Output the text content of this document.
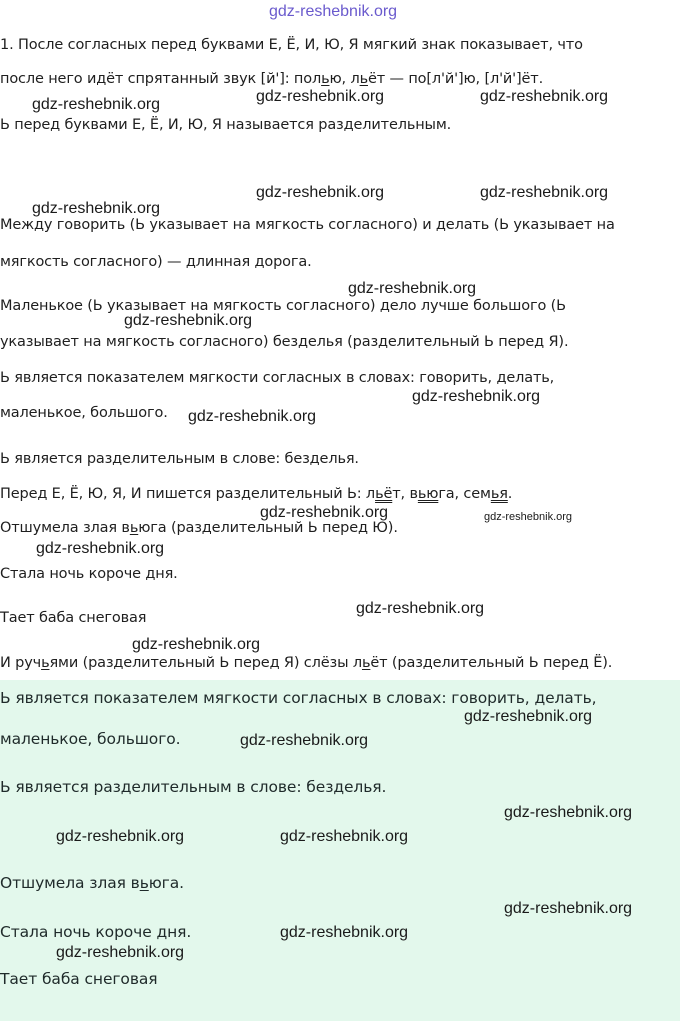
gdz-reshebnik.org
1. После согласных перед буквами Е, Ё, И, Ю, Я мягкий знак показывает, что
после него идёт спрятанный звук [й']: полью, льёт — по[л'й']ю, [л'й']ёт.
Ь перед буквами Е, Ё, И, Ю, Я называется разделительным.
Между говорить (Ь указывает на мягкость согласного) и делать (Ь указывает на
мягкость согласного) — длинная дорога.
Маленькое (Ь указывает на мягкость согласного) дело лучше большого (Ь
указывает на мягкость согласного) безделья (разделительный Ь перед Я).
Ь является показателем мягкости согласных в словах: говорить, делать,
маленькое, большого.
Ь является разделительным в слове: безделья.
Перед Е, Ё, Ю, Я, И пишется разделительный Ь: льёт, вьюга, семья.
Отшумела злая вьюга (разделительный Ь перед Ю).
Стала ночь короче дня.
Тает баба снеговая
И ручьями (разделительный Ь перед Я) слёзы льёт (разделительный Ь перед Ё).
Ь является показателем мягкости согласных в словах: говорить, делать,
маленькое, большого.
Ь является разделительным в слове: безделья.
Отшумела злая вьюга.
Стала ночь короче дня.
Тает баба снеговая
gdz-reshebnik.org	gdz-reshebnik.org
gdz-reshebnik.org
gdz-reshebnik.org	gdz-reshebnik.org
gdz-reshebnik.org
gdz-reshebnik.org
gdz-reshebnik.org
gdz-reshebnik.org
gdz-reshebnik.org
gdz-reshebnik.org	gdz-reshebnik.org
gdz-reshebnik.org
gdz-reshebnik.org
gdz-reshebnik.org
gdz-reshebnik.org
gdz-reshebnik.org
gdz-reshebnik.org
gdz-reshebnik.org	gdz-reshebnik.org
gdz-reshebnik.org
gdz-reshebnik.org
gdz-reshebnik.org
